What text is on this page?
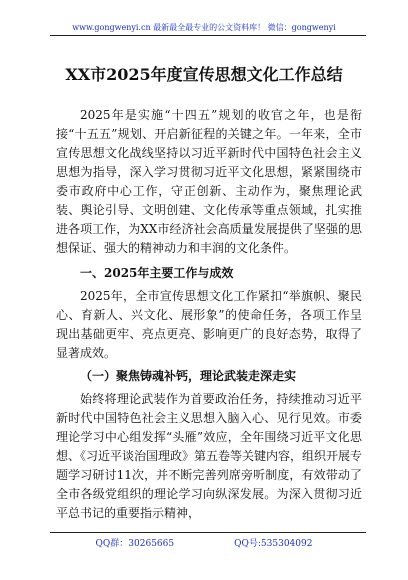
www.gongwenyi.cn 最新最全最专业的公文资料库！ 微信：gongwenyi
XX市2025年度宣传思想文化工作总结

2025年是实施“十四五”规划的收官之年，也是衔接“十五五”规划、开启新征程的关键之年。一年来，全市宣传思想文化战线坚持以习近平新时代中国特色社会主义思想为指导，深入学习贯彻习近平文化思想，紧紧围绕市委市政府中心工作，守正创新、主动作为，聚焦理论武装、舆论引导、文明创建、文化传承等重点领域，扎实推进各项工作，为XX市经济社会高质量发展提供了坚强的思想保证、强大的精神动力和丰润的文化条件。

一、2025年主要工作与成效

2025年，全市宣传思想文化工作紧扣“举旗帜、聚民心、育新人、兴文化、展形象”的使命任务，各项工作呈现出基础更牢、亮点更亮、影响更广的良好态势，取得了显著成效。

（一）聚焦铸魂补钙，理论武装走深走实

始终将理论武装作为首要政治任务，持续推动习近平新时代中国特色社会主义思想入脑入心、见行见效。市委理论学习中心组发挥“头雁”效应，全年围绕习近平文化思想、《习近平谈治国理政》第五卷等关键内容，组织开展专题学习研讨11次，并不断完善列席旁听制度，有效带动了全市各级党组织的理论学习向纵深发展。为深入贯彻习近平总书记的重要指示精神，

QQ群：30265665	QQ号:535304092
